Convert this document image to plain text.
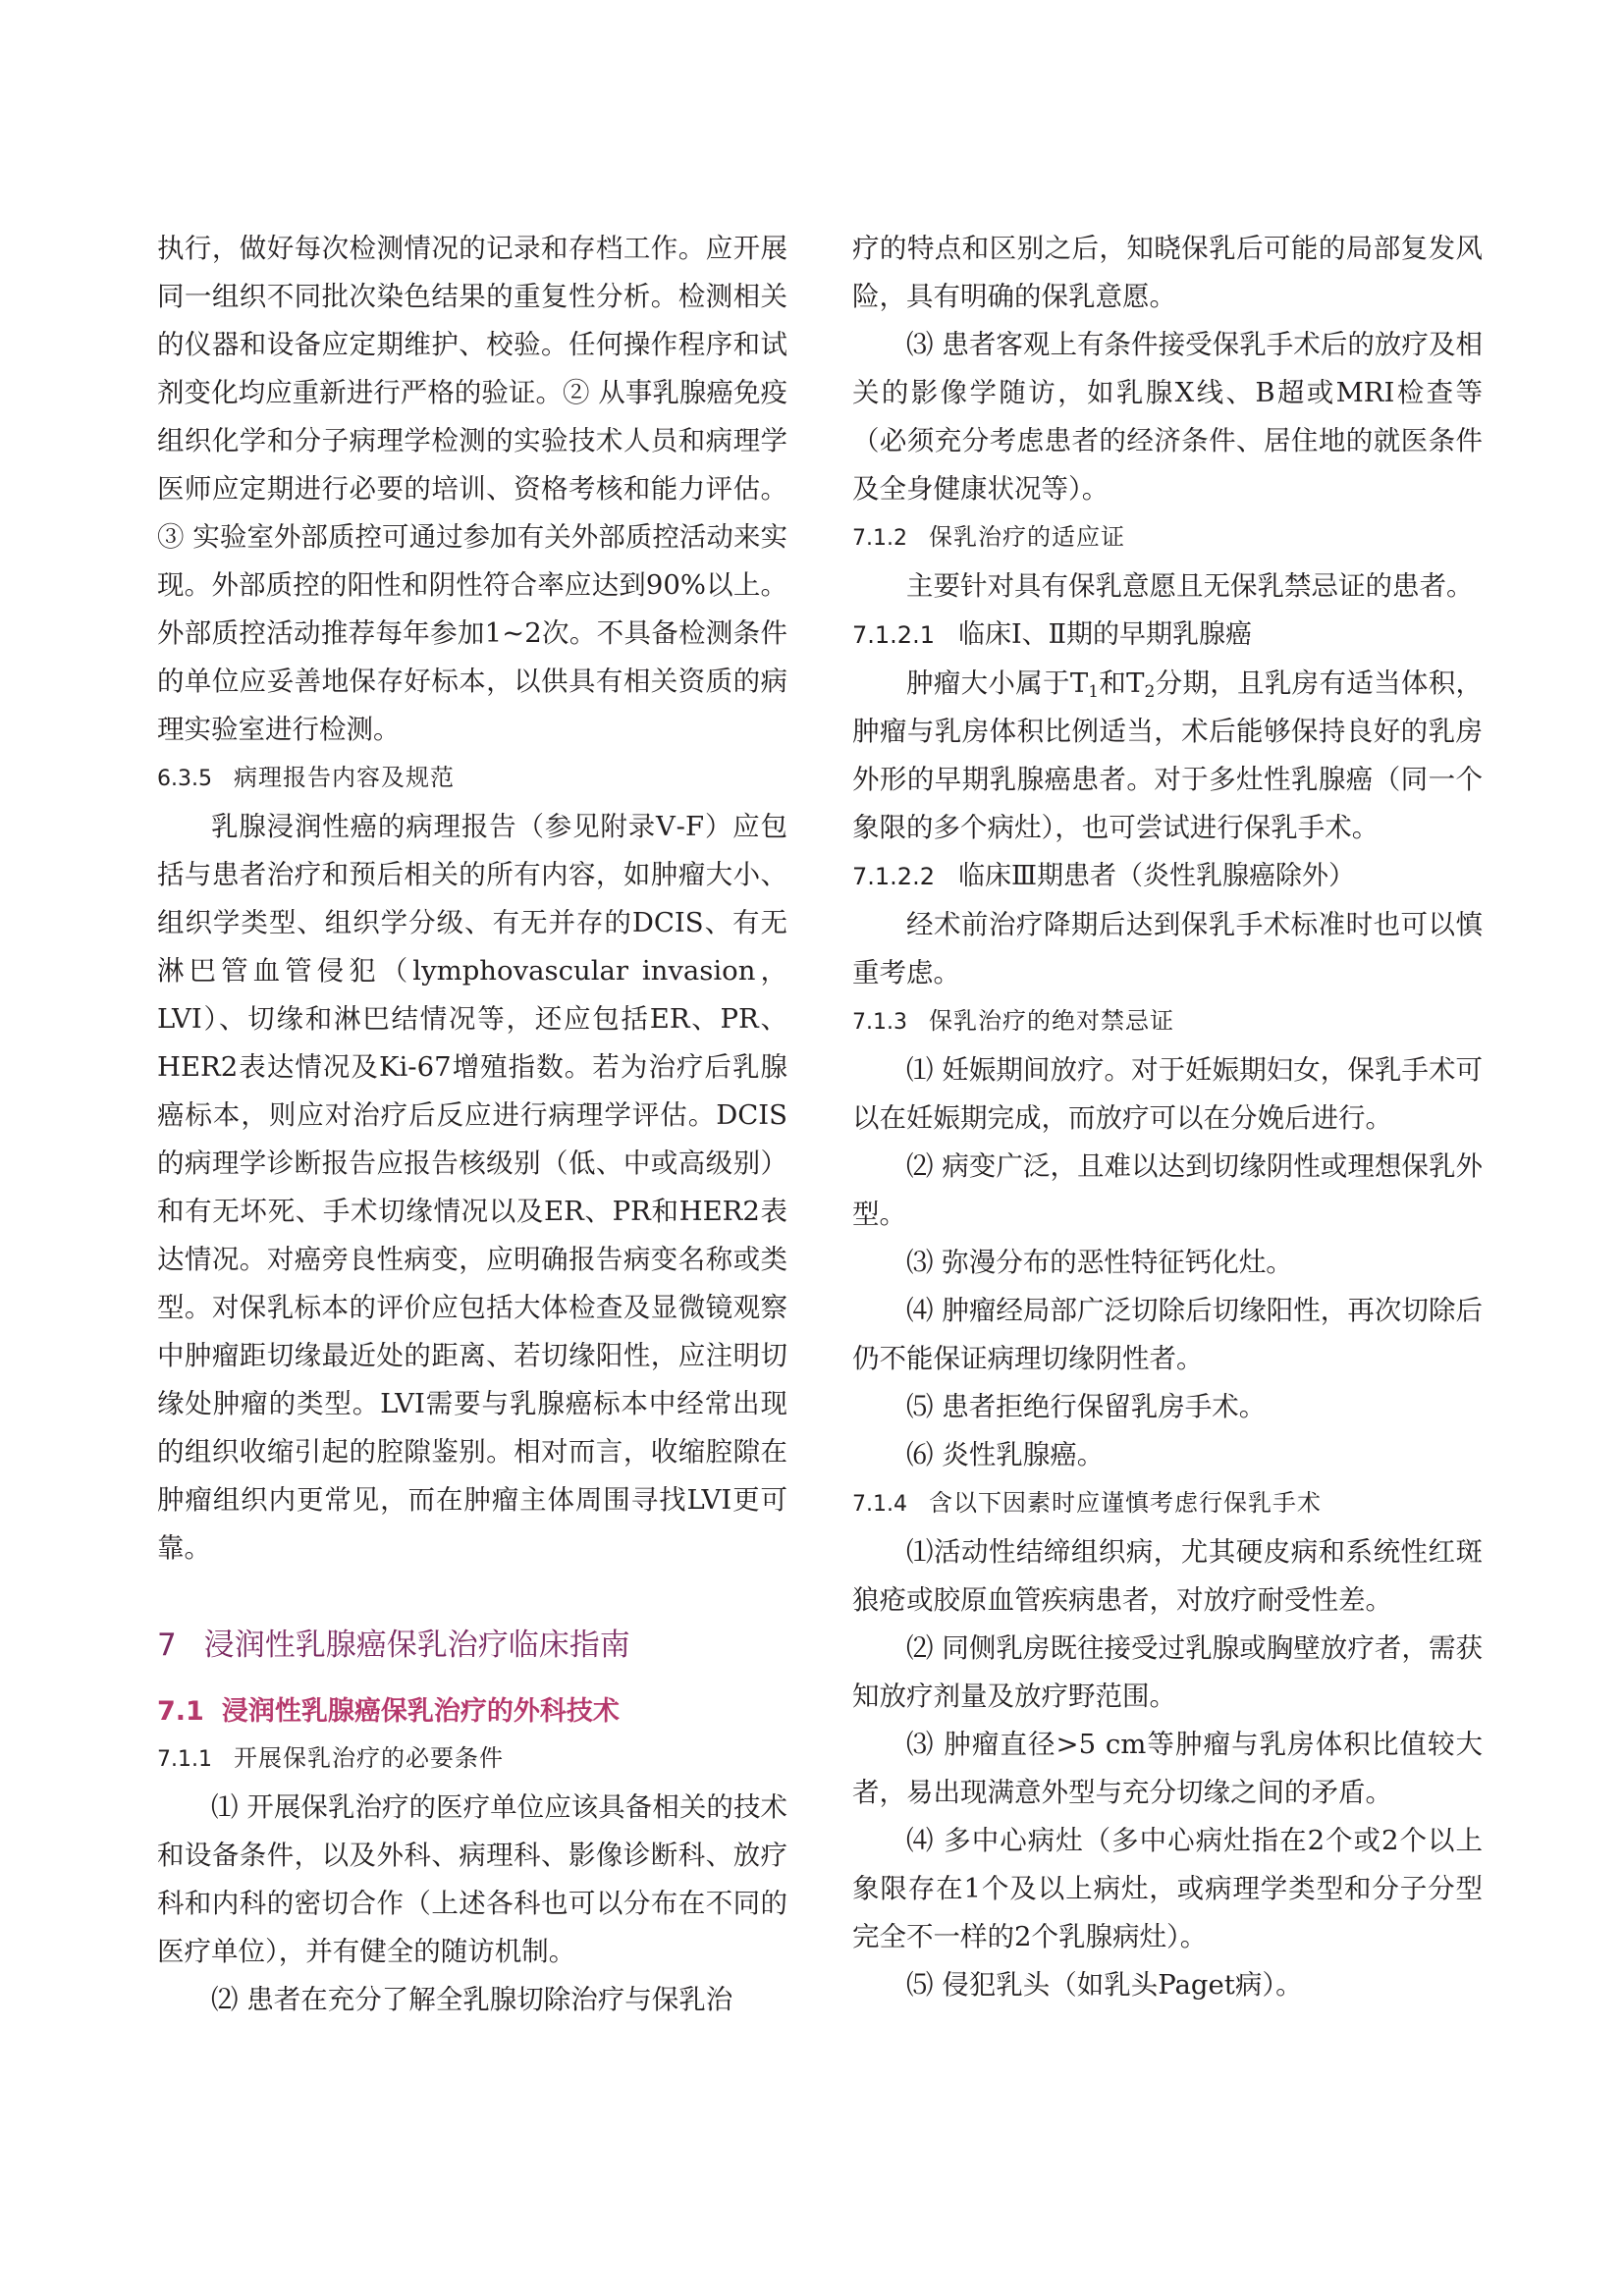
执行，做好每次检测情况的记录和存档工作。应开展同一组织不同批次染色结果的重复性分析。检测相关的仪器和设备应定期维护、校验。任何操作程序和试剂变化均应重新进行严格的验证。② 从事乳腺癌免疫组织化学和分子病理学检测的实验技术人员和病理学医师应定期进行必要的培训、资格考核和能力评估。③ 实验室外部质控可通过参加有关外部质控活动来实现。外部质控的阳性和阴性符合率应达到90%以上。外部质控活动推荐每年参加1~2次。不具备检测条件的单位应妥善地保存好标本，以供具有相关资质的病理实验室进行检测。

6.3.5 病理报告内容及规范

乳腺浸润性癌的病理报告（参见附录Ⅴ-F）应包括与患者治疗和预后相关的所有内容，如肿瘤大小、组织学类型、组织学分级、有无并存的DCIS、有无淋巴管血管侵犯（lymphovascular invasion，LVI）、切缘和淋巴结情况等，还应包括ER、PR、HER2表达情况及Ki-67增殖指数。若为治疗后乳腺癌标本，则应对治疗后反应进行病理学评估。DCIS的病理学诊断报告应报告核级别（低、中或高级别）和有无坏死、手术切缘情况以及ER、PR和HER2表达情况。对癌旁良性病变，应明确报告病变名称或类型。对保乳标本的评价应包括大体检查及显微镜观察中肿瘤距切缘最近处的距离、若切缘阳性，应注明切缘处肿瘤的类型。LVI需要与乳腺癌标本中经常出现的组织收缩引起的腔隙鉴别。相对而言，收缩腔隙在肿瘤组织内更常见，而在肿瘤主体周围寻找LVI更可靠。

7 浸润性乳腺癌保乳治疗临床指南
7.1 浸润性乳腺癌保乳治疗的外科技术

7.1.1 开展保乳治疗的必要条件

⑴ 开展保乳治疗的医疗单位应该具备相关的技术和设备条件，以及外科、病理科、影像诊断科、放疗科和内科的密切合作（上述各科也可以分布在不同的医疗单位），并有健全的随访机制。

⑵ 患者在充分了解全乳腺切除治疗与保乳治

疗的特点和区别之后，知晓保乳后可能的局部复发风险，具有明确的保乳意愿。

⑶ 患者客观上有条件接受保乳手术后的放疗及相关的影像学随访，如乳腺X线、B超或MRI检查等（必须充分考虑患者的经济条件、居住地的就医条件及全身健康状况等）。

7.1.2 保乳治疗的适应证

主要针对具有保乳意愿且无保乳禁忌证的患者。

7.1.2.1 临床Ⅰ、Ⅱ期的早期乳腺癌

肿瘤大小属于$T_1$和$T_2$分期，且乳房有适当体积，肿瘤与乳房体积比例适当，术后能够保持良好的乳房外形的早期乳腺癌患者。对于多灶性乳腺癌（同一个象限的多个病灶），也可尝试进行保乳手术。

7.1.2.2 临床Ⅲ期患者（炎性乳腺癌除外）

经术前治疗降期后达到保乳手术标准时也可以慎重考虑。

7.1.3 保乳治疗的绝对禁忌证

⑴ 妊娠期间放疗。对于妊娠期妇女，保乳手术可以在妊娠期完成，而放疗可以在分娩后进行。

⑵ 病变广泛，且难以达到切缘阴性或理想保乳外型。

⑶ 弥漫分布的恶性特征钙化灶。

⑷ 肿瘤经局部广泛切除后切缘阳性，再次切除后仍不能保证病理切缘阴性者。

⑸ 患者拒绝行保留乳房手术。

⑹ 炎性乳腺癌。

7.1.4 含以下因素时应谨慎考虑行保乳手术

⑴活动性结缔组织病，尤其硬皮病和系统性红斑狼疮或胶原血管疾病患者，对放疗耐受性差。

⑵ 同侧乳房既往接受过乳腺或胸壁放疗者，需获知放疗剂量及放疗野范围。

⑶ 肿瘤直径>5 cm等肿瘤与乳房体积比值较大者，易出现满意外型与充分切缘之间的矛盾。

⑷ 多中心病灶（多中心病灶指在2个或2个以上象限存在1个及以上病灶，或病理学类型和分子分型完全不一样的2个乳腺病灶）。

⑸ 侵犯乳头（如乳头Paget病）。
